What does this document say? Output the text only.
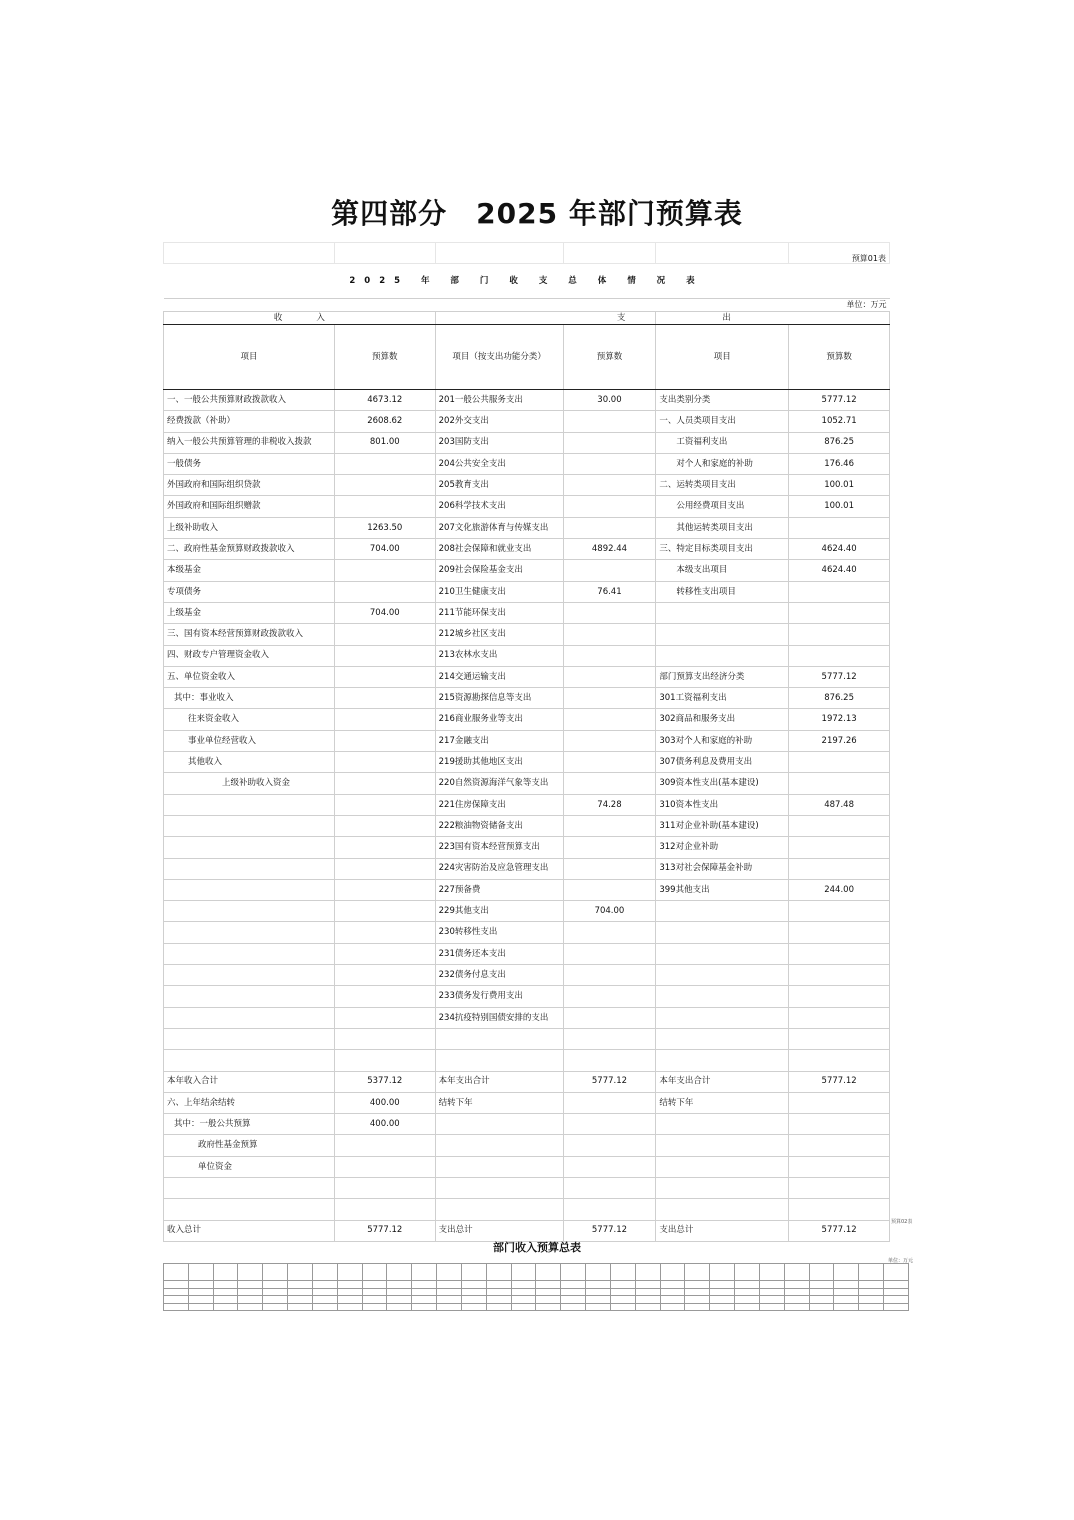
第四部分　2025 年部门预算表
					预算01表
2025 年 部 门 收 支 总 体 情 况 表					
单位：万元					
收　　　　入		支		出	
项目	预算数	项目（按支出功能分类）	预算数	项目	预算数
一、一般公共预算财政拨款收入	4673.12	201一般公共服务支出	30.00	支出类别分类	5777.12
经费拨款（补助）	2608.62	202外交支出		一、人员类项目支出	1052.71
纳入一般公共预算管理的非税收入拨款	801.00	203国防支出		工资福利支出	876.25
一般债务		204公共安全支出		对个人和家庭的补助	176.46
外国政府和国际组织贷款		205教育支出		二、运转类项目支出	100.01
外国政府和国际组织赠款		206科学技术支出		公用经费项目支出	100.01
上级补助收入	1263.50	207文化旅游体育与传媒支出		其他运转类项目支出	
二、政府性基金预算财政拨款收入	704.00	208社会保障和就业支出	4892.44	三、特定目标类项目支出	4624.40
本级基金		209社会保险基金支出		本级支出项目	4624.40
专项债务		210卫生健康支出	76.41	转移性支出项目	
上级基金	704.00	211节能环保支出			
三、国有资本经营预算财政拨款收入		212城乡社区支出			
四、财政专户管理资金收入		213农林水支出			
五、单位资金收入		214交通运输支出		部门预算支出经济分类	5777.12
其中：事业收入		215资源勘探信息等支出		301工资福利支出	876.25
往来资金收入		216商业服务业等支出		302商品和服务支出	1972.13
事业单位经营收入		217金融支出		303对个人和家庭的补助	2197.26
其他收入		219援助其他地区支出		307债务利息及费用支出	
上级补助收入资金		220自然资源海洋气象等支出		309资本性支出(基本建设)	
		221住房保障支出	74.28	310资本性支出	487.48
		222粮油物资储备支出		311对企业补助(基本建设)	
		223国有资本经营预算支出		312对企业补助	
		224灾害防治及应急管理支出		313对社会保障基金补助	
		227预备费		399其他支出	244.00
		229其他支出	704.00		
		230转移性支出			
		231债务还本支出			
		232债务付息支出			
		233债务发行费用支出			
		234抗疫特别国债安排的支出			

本年收入合计	5377.12	本年支出合计	5777.12	本年支出合计	5777.12
六、上年结余结转	400.00	结转下年		结转下年	
其中：一般公共预算	400.00				
政府性基金预算					
单位资金					

收入总计	5777.12	支出总计	5777.12	支出总计	5777.12
预算02表
部门收入预算总表
单位：万元
